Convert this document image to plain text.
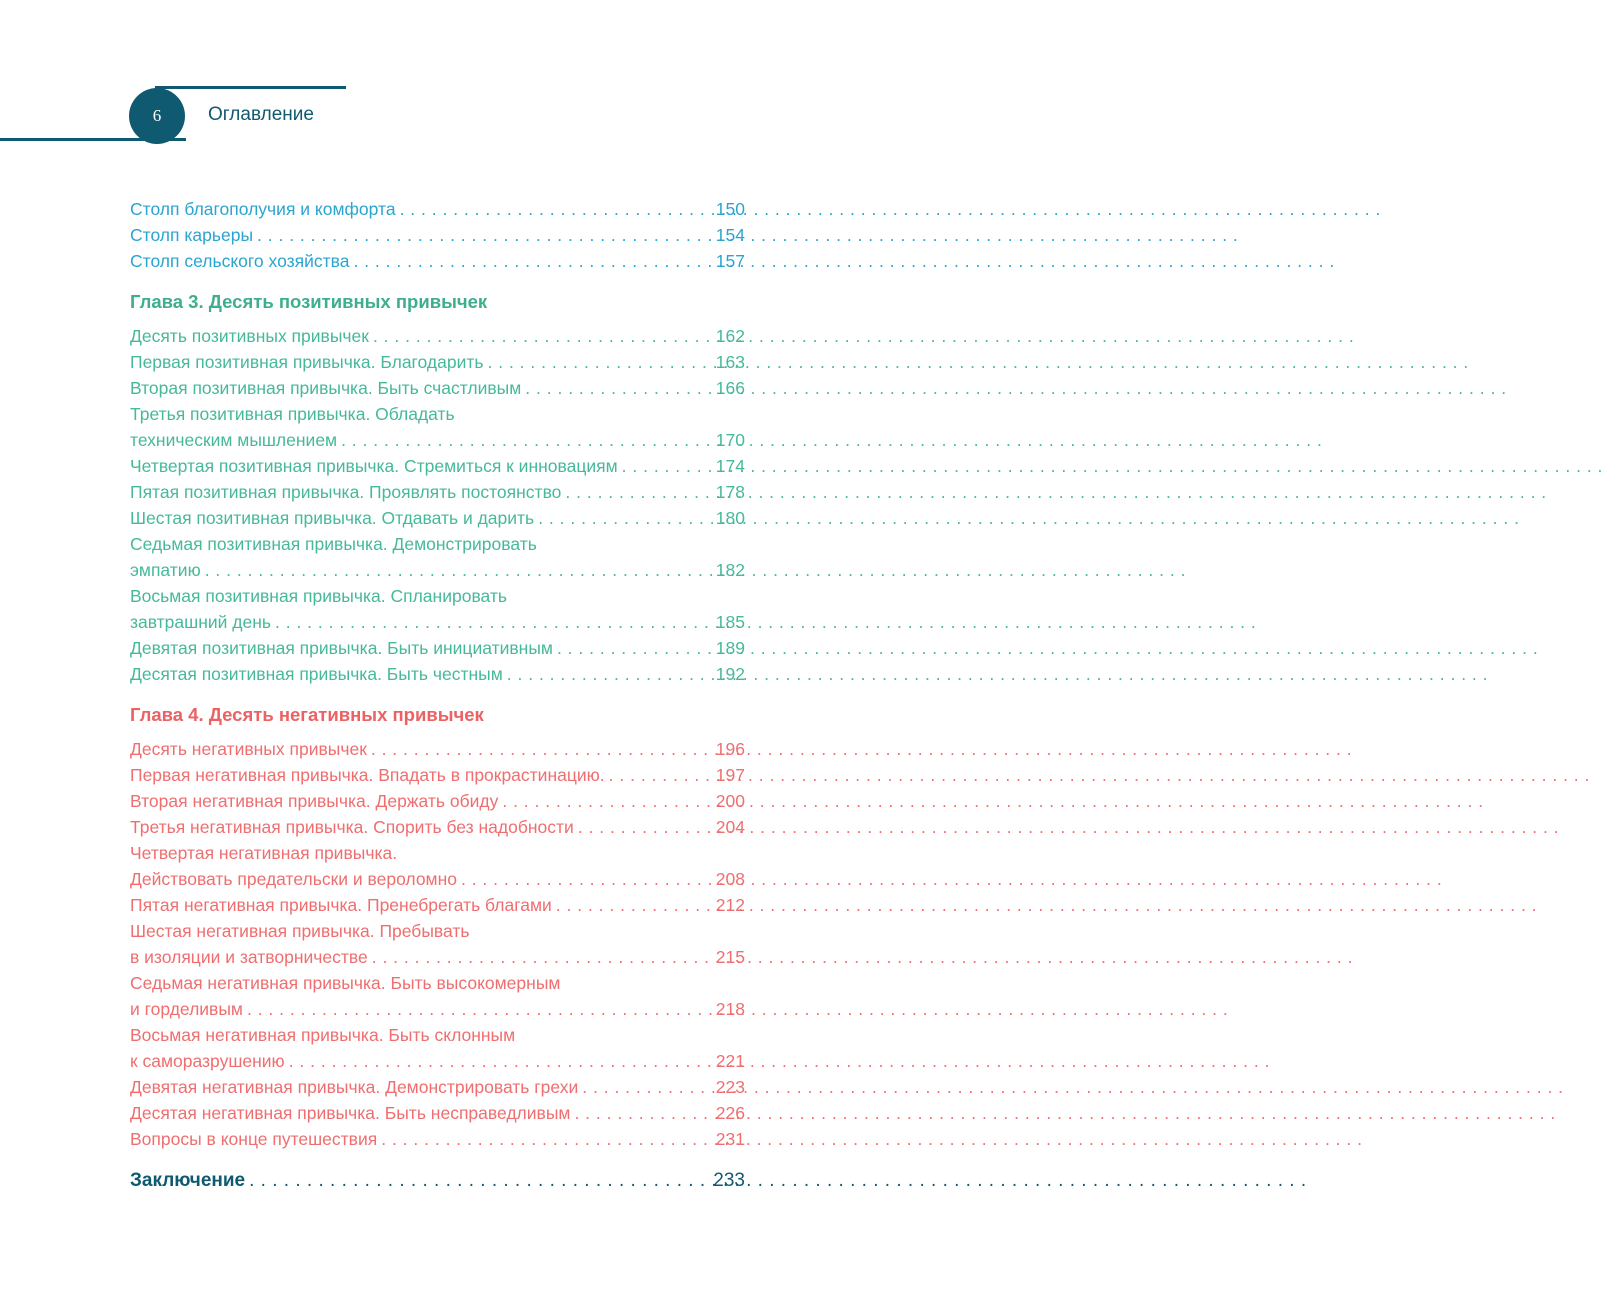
6 Оглавление
Столп благополучия и комфорта . . .	150
Столп карьеры . . .	154
Столп сельского хозяйства . . .	157
Глава 3. Десять позитивных привычек
Десять позитивных привычек . . .	162
Первая позитивная привычка. Благодарить . . .	163
Вторая позитивная привычка. Быть счастливым . . .	166
Третья позитивная привычка. Обладать
техническим мышлением . . .	170
Четвертая позитивная привычка. Стремиться к инновациям . . .	174
Пятая позитивная привычка. Проявлять постоянство . . .	178
Шестая позитивная привычка. Отдавать и дарить . . .	180
Седьмая позитивная привычка. Демонстрировать
эмпатию . . .	182
Восьмая позитивная привычка. Спланировать
завтрашний день . . .	185
Девятая позитивная привычка. Быть инициативным . . .	189
Десятая позитивная привычка. Быть честным . . .	192
Глава 4. Десять негативных привычек
Десять негативных привычек . . .	196
Первая негативная привычка. Впадать в прокрастинацию. . . .	197
Вторая негативная привычка. Держать обиду . . .	200
Третья негативная привычка. Спорить без надобности . . .	204
Четвертая негативная привычка.
Действовать предательски и вероломно . . .	208
Пятая негативная привычка. Пренебрегать благами . . .	212
Шестая негативная привычка. Пребывать
в изоляции и затворничестве . . .	215
Седьмая негативная привычка. Быть высокомерным
и горделивым . . .	218
Восьмая негативная привычка. Быть склонным
к саморазрушению . . .	221
Девятая негативная привычка. Демонстрировать грехи . . .	223
Десятая негативная привычка. Быть несправедливым . . .	226
Вопросы в конце путешествия . . .	231
Заключение . . .	233
